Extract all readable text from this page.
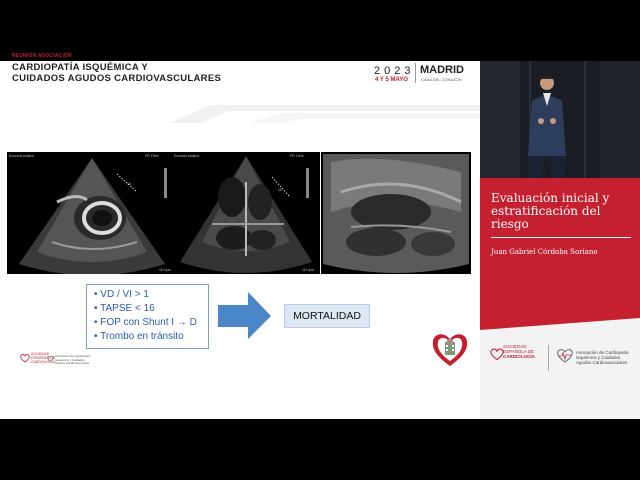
REUNIÓN ASOCIACIÓN
CARDIOPATÍA ISQUÉMICA Y
CUIDADOS AGUDOS CARDIOVASCULARES
2023
4 Y 5 MAYO
MADRID
CASA DEL CORAZÓN
Ecocard.adultos	FR 10Hz
16
110 lpm
Ecocard.adultos	FR 13Hz
16
110 lpm
• VD / VI > 1
• TAPSE < 16
• FOP con Shunt I → D
• Trombo en tránsito
MORTALIDAD
SOCIEDAD
ESPAÑOLA DE
CARDIOLOGÍA
Asociación de Cardiopatía
Isquémica y Cuidados
Agudos Cardiovasculares
Evaluación inicial y estratificación del riesgo
Juan Gabriel Córdoba Soriano
SOCIEDAD
ESPAÑOLA DE
CARDIOLOGÍA
Asociación de Cardiopatía
Isquémica y Cuidados
Agudos Cardiovasculares
